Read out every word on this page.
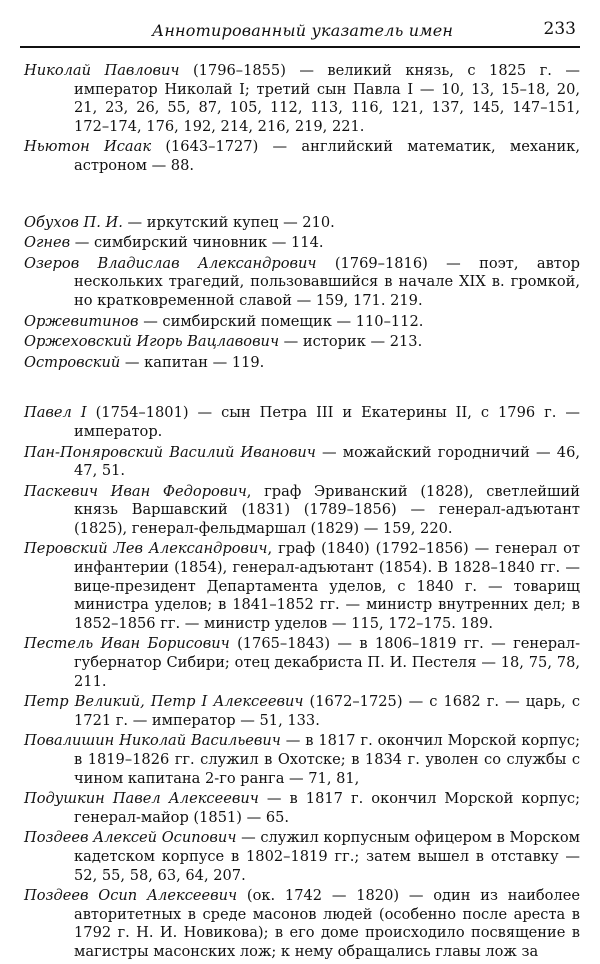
Аннотированный указатель имен	233

Николай Павлович (1796–1855) — великий князь, с 1825 г. — император Николай I; третий сын Павла I — 10, 13, 15–18, 20, 21, 23, 26, 55, 87, 105, 112, 113, 116, 121, 137, 145, 147–151, 172–174, 176, 192, 214, 216, 219, 221.

Ньютон Исаак (1643–1727) — английский математик, механик, астроном — 88.

Обухов П. И. — иркутский купец — 210.

Огнев — симбирский чиновник — 114.

Озеров Владислав Александрович (1769–1816) — поэт, автор нескольких трагедий, пользовавшийся в начале XIX в. громкой, но кратковременной славой — 159, 171. 219.

Оржевитинов — симбирский помещик — 110–112.

Оржеховский Игорь Вацлавович — историк — 213.

Островский — капитан — 119.

Павел I (1754–1801) — сын Петра III и Екатерины II, с 1796 г. — император.

Пан-Поняровский Василий Иванович — можайский городничий — 46, 47, 51.

Паскевич Иван Федорович, граф Эриванский (1828), светлейший князь Варшавский (1831) (1789–1856) — генерал-адъютант (1825), генерал-фельдмаршал (1829) — 159, 220.

Перовский Лев Александрович, граф (1840) (1792–1856) — генерал от инфантерии (1854), генерал-адъютант (1854). В 1828–1840 гг. — вице-президент Департамента уделов, с 1840 г. — товарищ министра уделов; в 1841–1852 гг. — министр внутренних дел; в 1852–1856 гг. — министр уделов — 115, 172–175. 189.

Пестель Иван Борисович (1765–1843) — в 1806–1819 гг. — генерал-губернатор Сибири; отец декабриста П. И. Пестеля — 18, 75, 78, 211.

Петр Великий, Петр I Алексеевич (1672–1725) — с 1682 г. — царь, с 1721 г. — император — 51, 133.

Повалишин Николай Васильевич — в 1817 г. окончил Морской корпус; в 1819–1826 гг. служил в Охотске; в 1834 г. уволен со службы с чином капитана 2-го ранга — 71, 81,

Подушкин Павел Алексеевич — в 1817 г. окончил Морской корпус; генерал-майор (1851) — 65.

Поздеев Алексей Осипович — служил корпусным офицером в Морском кадетском корпусе в 1802–1819 гг.; затем вышел в отставку — 52, 55, 58, 63, 64, 207.

Поздеев Осип Алексеевич (ок. 1742 — 1820) — один из наиболее авторитетных в среде масонов людей (особенно после ареста в 1792 г. Н. И. Новикова); в его доме происходило посвящение в магистры масонских лож; к нему обращались главы лож за
